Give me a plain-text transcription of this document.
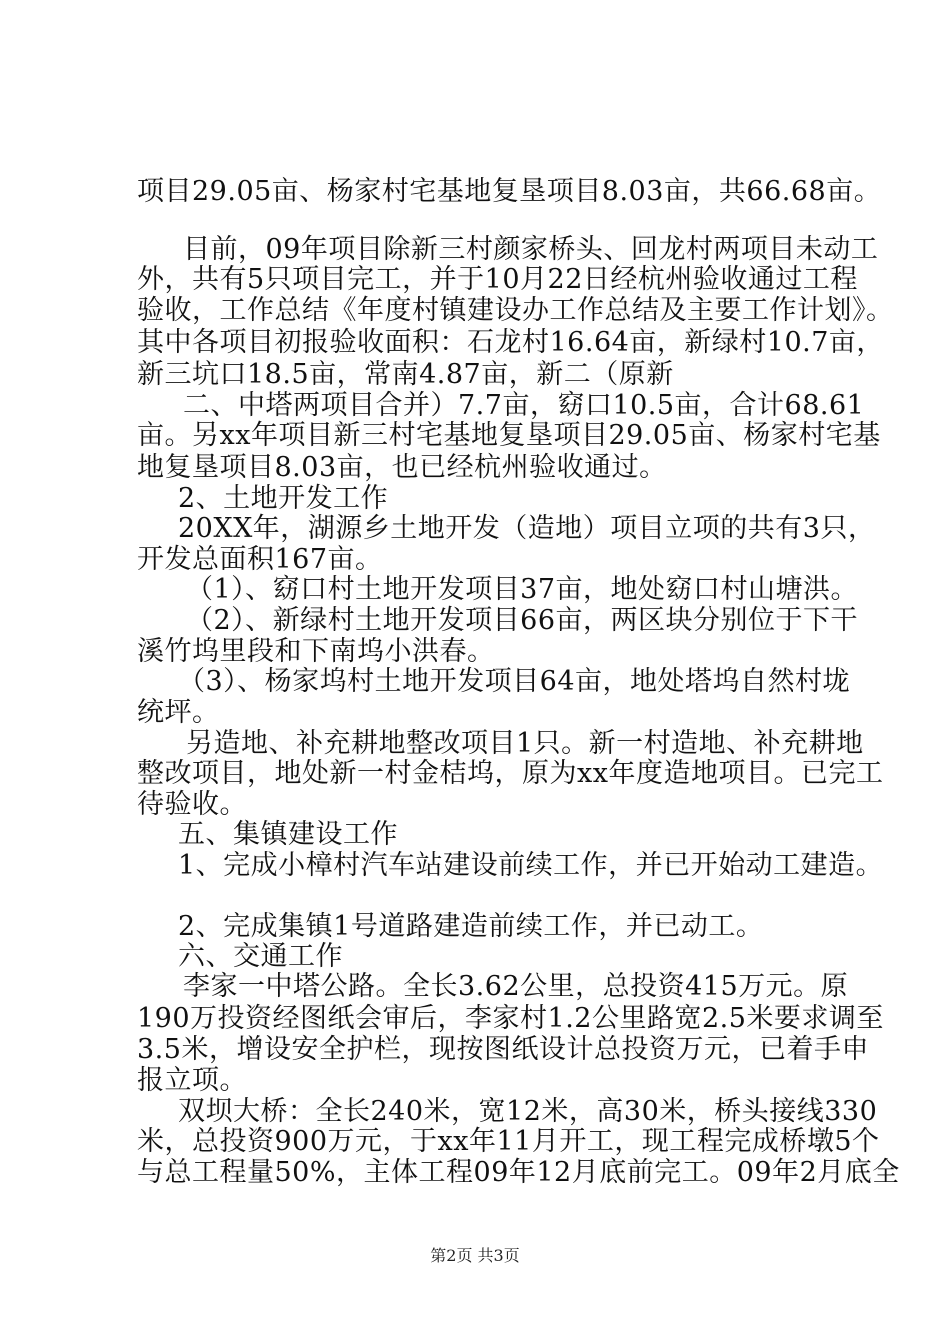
项目29.05亩、杨家村宅基地复垦项目8.03亩，共66.68亩。
目前，09年项目除新三村颜家桥头、回龙村两项目未动工
外，共有5只项目完工，并于10月22日经杭州验收通过工程
验收，工作总结《年度村镇建设办工作总结及主要工作计划》。
其中各项目初报验收面积：石龙村16.64亩，新绿村10.7亩，
新三坑口18.5亩，常南4.87亩，新二（原新
二、中塔两项目合并）7.7亩，窈口10.5亩，合计68.61
亩。另xx年项目新三村宅基地复垦项目29.05亩、杨家村宅基
地复垦项目8.03亩，也已经杭州验收通过。
2、土地开发工作
20XX年，湖源乡土地开发（造地）项目立项的共有3只，
开发总面积167亩。
（1）、窈口村土地开发项目37亩，地处窈口村山塘洪。
（2）、新绿村土地开发项目66亩，两区块分别位于下干
溪竹坞里段和下南坞小洪春。
（3）、杨家坞村土地开发项目64亩，地处塔坞自然村垅
统坪。
另造地、补充耕地整改项目1只。新一村造地、补充耕地
整改项目，地处新一村金桔坞，原为xx年度造地项目。已完工
待验收。
五、集镇建设工作
1、完成小樟村汽车站建设前续工作，并已开始动工建造。
2、完成集镇1号道路建造前续工作，并已动工。
六、交通工作
李家一中塔公路。全长3.62公里，总投资415万元。原
190万投资经图纸会审后，李家村1.2公里路宽2.5米要求调至
3.5米，增设安全护栏，现按图纸设计总投资万元，已着手申
报立项。
双坝大桥：全长240米，宽12米，高30米，桥头接线330
米，总投资900万元，于xx年11月开工，现工程完成桥墩5个
与总工程量50%，主体工程09年12月底前完工。09年2月底全
第2页 共3页
